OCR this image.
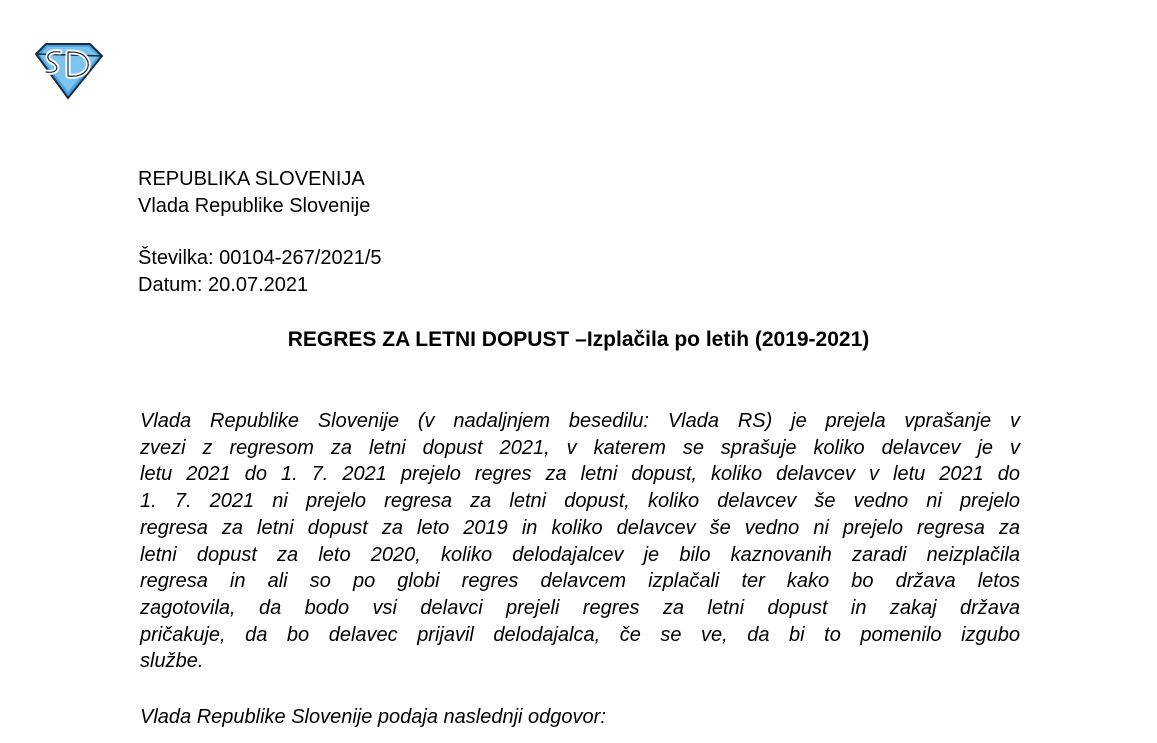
REPUBLIKA SLOVENIJA
Vlada Republike Slovenije
Številka: 00104-267/2021/5
Datum: 20.07.2021
REGRES ZA LETNI DOPUST –Izplačila po letih (2019-2021)
Vlada Republike Slovenije (v nadaljnjem besedilu: Vlada RS) je prejela vprašanje v
zvezi z regresom za letni dopust 2021, v katerem se sprašuje koliko delavcev je v
letu 2021 do 1. 7. 2021 prejelo regres za letni dopust, koliko delavcev v letu 2021 do
1. 7. 2021 ni prejelo regresa za letni dopust, koliko delavcev še vedno ni prejelo
regresa za letni dopust za leto 2019 in koliko delavcev še vedno ni prejelo regresa za
letni dopust za leto 2020, koliko delodajalcev je bilo kaznovanih zaradi neizplačila
regresa in ali so po globi regres delavcem izplačali ter kako bo država letos
zagotovila, da bodo vsi delavci prejeli regres za letni dopust in zakaj država
pričakuje, da bo delavec prijavil delodajalca, če se ve, da bi to pomenilo izgubo
službe.
Vlada Republike Slovenije podaja naslednji odgovor:
